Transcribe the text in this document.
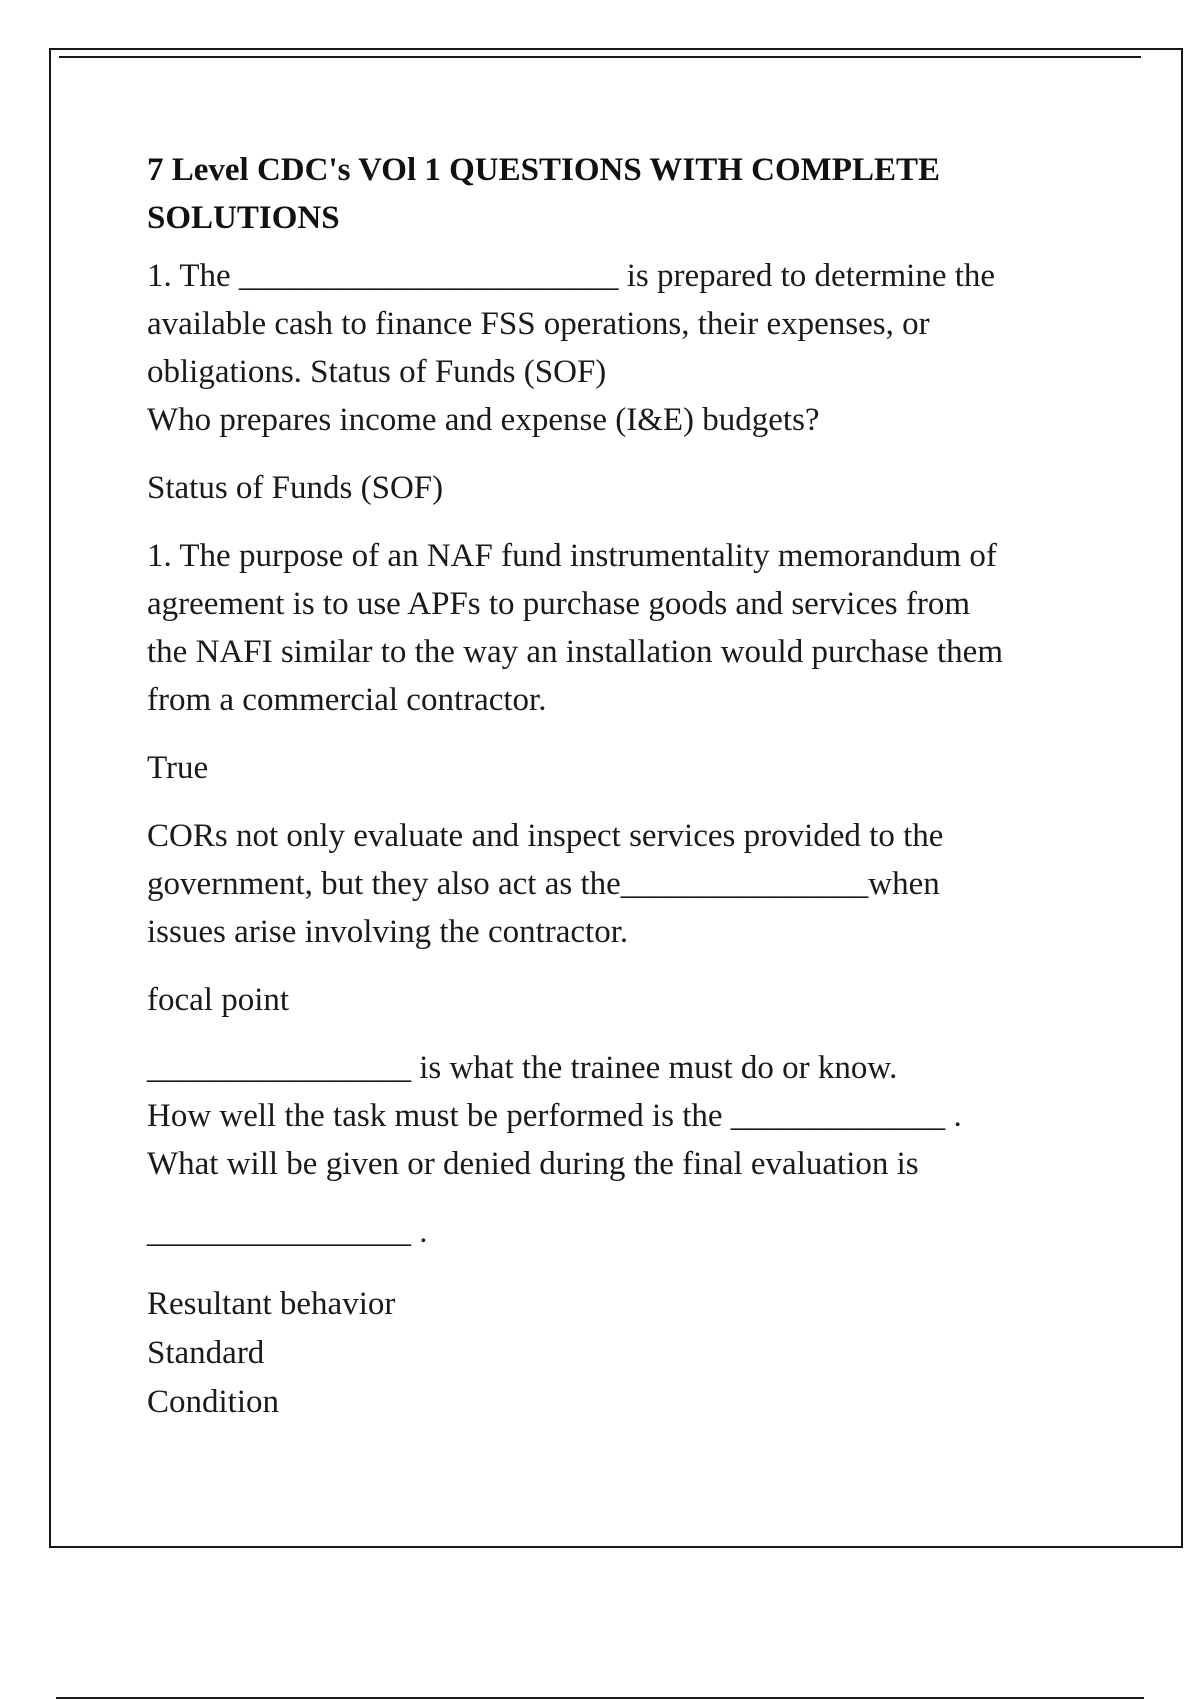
7 Level CDC's VOl 1 QUESTIONS WITH COMPLETE
SOLUTIONS
1. The _______________________ is prepared to determine the
available cash to finance FSS operations, their expenses, or
obligations. Status of Funds (SOF)
Who prepares income and expense (I&E) budgets?
Status of Funds (SOF)
1. The purpose of an NAF fund instrumentality memorandum of
agreement is to use APFs to purchase goods and services from
the NAFI similar to the way an installation would purchase them
from a commercial contractor.
True
CORs not only evaluate and inspect services provided to the
government, but they also act as the_______________when
issues arise involving the contractor.
focal point
________________ is what the trainee must do or know.
How well the task must be performed is the _____________ .
What will be given or denied during the final evaluation is
________________ .
Resultant behavior
Standard
Condition
